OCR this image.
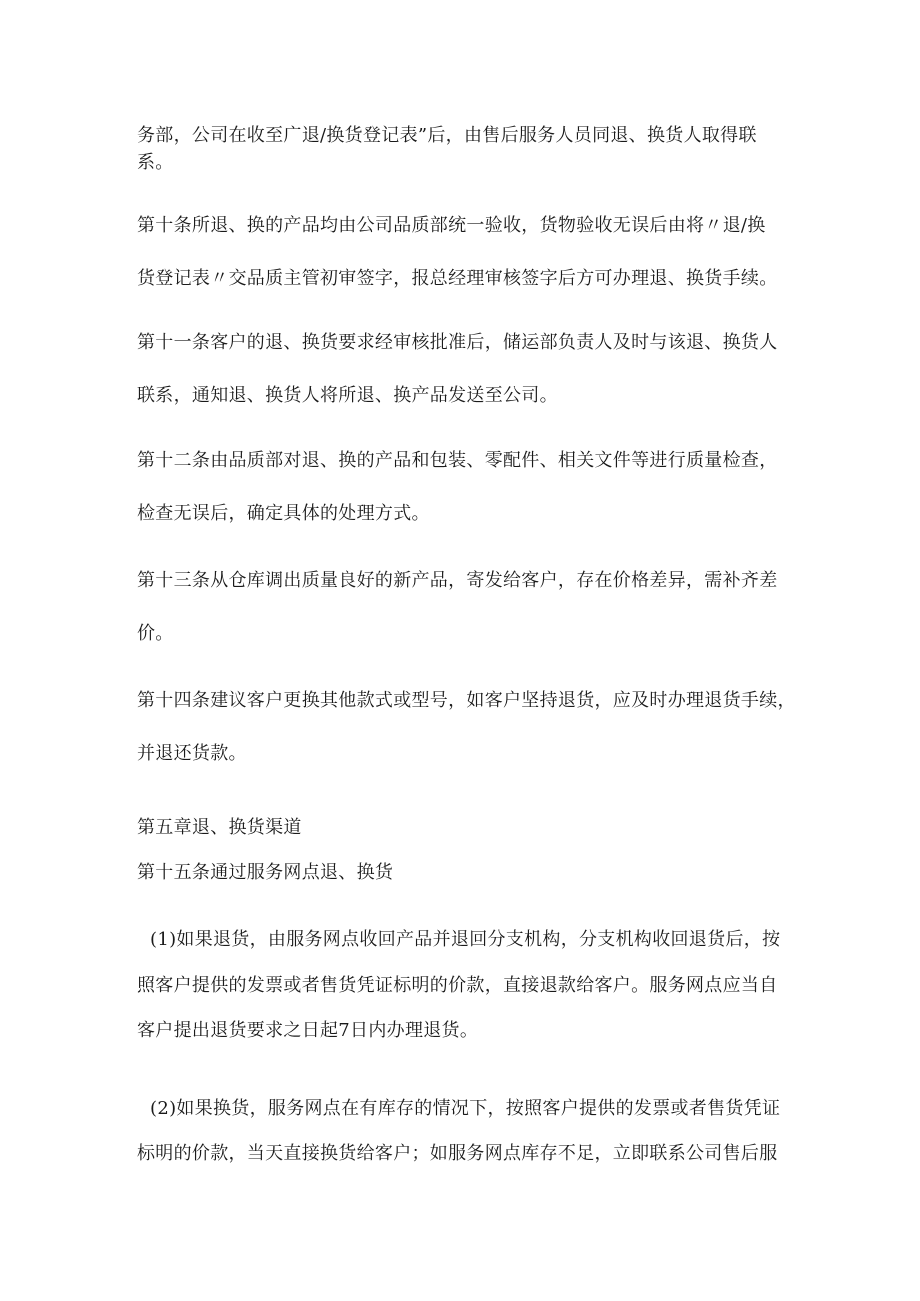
务部，公司在收至广退/换货登记表”后，由售后服务人员同退、换货人取得联
系。
第十条所退、换的产品均由公司品质部统一验收，货物验收无误后由将〃退/换
货登记表〃交品质主管初审签字，报总经理审核签字后方可办理退、换货手续。
第十一条客户的退、换货要求经审核批准后，储运部负责人及时与该退、换货人
联系，通知退、换货人将所退、换产品发送至公司。
第十二条由品质部对退、换的产品和包装、零配件、相关文件等进行质量检查，
检查无误后，确定具体的处理方式。
第十三条从仓库调出质量良好的新产品，寄发给客户，存在价格差异，需补齐差
价。
第十四条建议客户更换其他款式或型号，如客户坚持退货，应及时办理退货手续，
并退还货款。
第五章退、换货渠道
第十五条通过服务网点退、换货
(1)如果退货，由服务网点收回产品并退回分支机构，分支机构收回退货后，按
照客户提供的发票或者售货凭证标明的价款，直接退款给客户。服务网点应当自
客户提出退货要求之日起7日内办理退货。
(2)如果换货，服务网点在有库存的情况下，按照客户提供的发票或者售货凭证
标明的价款，当天直接换货给客户；如服务网点库存不足，立即联系公司售后服
